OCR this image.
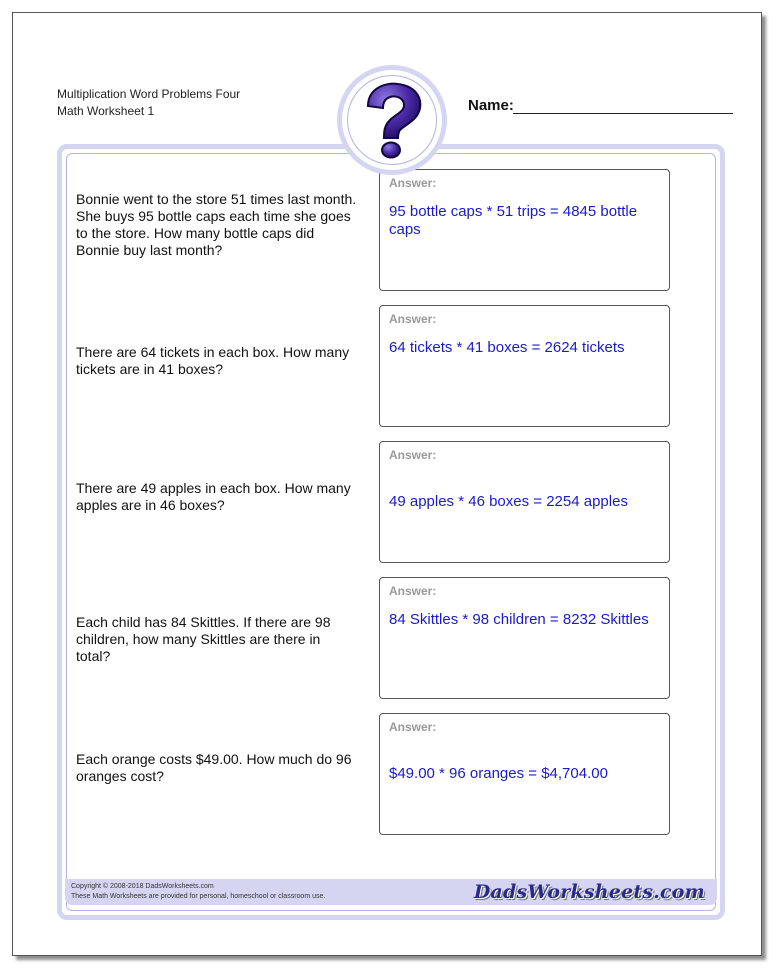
Multiplication Word Problems Four
Math Worksheet 1	Name:
Bonnie went to the store 51 times last month. She buys 95 bottle caps each time she goes to the store. How many bottle caps did Bonnie buy last month?
Answer:
95 bottle caps * 51 trips = 4845 bottle caps
There are 64 tickets in each box. How many tickets are in 41 boxes?
Answer:
64 tickets * 41 boxes = 2624 tickets
There are 49 apples in each box. How many apples are in 46 boxes?
Answer:
49 apples * 46 boxes = 2254 apples
Each child has 84 Skittles. If there are 98 children, how many Skittles are there in total?
Answer:
84 Skittles * 98 children = 8232 Skittles
Each orange costs $49.00. How much do 96 oranges cost?
Answer:
$49.00 * 96 oranges = $4,704.00
Copyright © 2008-2018 DadsWorksheets.com
These Math Worksheets are provided for personal, homeschool or classroom use.	DadsWorksheets.com
